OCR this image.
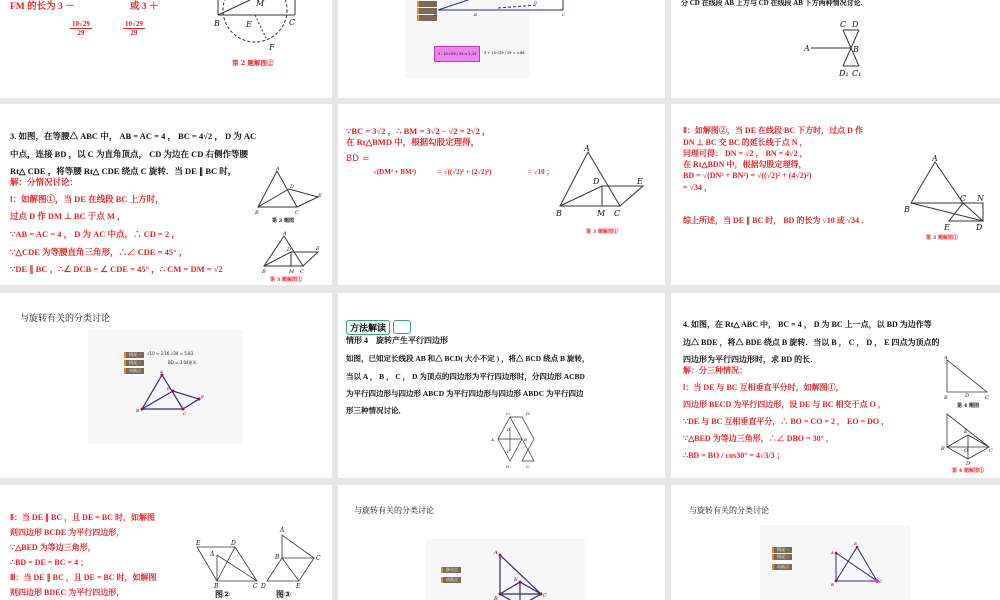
FM 的长为 3 －	或 3 ＋
$\frac{10√29}{29}$	$\frac{10√29}{29}$	B	E	C
F
M
第 2 题解图②
B	E	C
D
3 - 10·√29 / 29 ≈ 1.14	3 + 10·√29 / 29 ≈ 4.86
分 CD 在线段 AB 上方与 CD 在线段 AB 下方两种情况讨论.
A	B
C D
D₁ C₁
3. 如图，在等腰△ ABC 中， AB = AC = 4 ， BC = 4√2 ， D 为 AC
中点，连接 BD ，以 C 为直角顶点， CD 为边在 CD 右侧作等腰
Rt△ CDE ，将等腰 Rt△ CDE 绕点 C 旋转．当 DE ∥ BC 时，
解：分情况讨论：
Ⅰ：如解图①，当 DE 在线段 BC 上方时，
过点 D 作 DM ⊥ BC 于点 M ，
∵AB = AC = 4 ， D 为 AC 中点，∴ CD = 2 ，
∵△CDE 为等腰直角三角形，∴∠ CDE = 45° ，
∵DE ∥ BC ，∴∠ DCB = ∠ CDE = 45° ，∴ CM = DM = √2
A
D
E
B	C
A
D	E
B	M C
第 3 题图
第 3 题解图①
∵BC = 3√2 ，∴ BM = 3√2 − √2 = 2√2 ，
在 Rt△BMD 中，根据勾股定理得，
BD =
√(DM² + BM²)	= √((√2)² + (2√2)²)	= √10 ；
A
D	E
B	M C
第 3 题解图①
Ⅱ：如解图②，当 DE 在线段 BC 下方时，过点 D 作
DN ⊥ BC 交 BC 的延长线于点 N ，
同理可得： DN = √2 ， BN = 4√2 ，
在 Rt△BDN 中，根据勾股定理得，
BD = √(DN² + BN²) = √((√2)² + (4√2)²)
= √34 ，
综上所述，当 DE ∥ BC 时， BD 的长为 √10 或 √34 ．
A
C N
B
E	D
第 3 题解图②
与旋转有关的分类讨论
情况一
情况二
动画点
√10 ≈ 3.16 √34 ≈ 5.83
BD = 3.04厘米
A
D
E
B
C
方法解读
情形 4　旋转产生平行四边形
如图，已知定长线段 AB 和△ BCD( 大小不定 ) ，将△ BCD 绕点 B 旋转，
当以 A ， B ， C ， D 为顶点的四边形为平行四边形时，分四边形 ACBD
为平行四边形与四边形 ABCD 为平行四边形与四边形 ABDC 为平行四边
形三种情况讨论．	C₂	D₂
D
A	B
C
D₁	C₁
4. 如图，在 Rt△ ABC 中， BC = 4 ， D 为 BC 上一点，以 BD 为边作等
边△ BDE ，将△ BDE 绕点 B 旋转．当以 B ， C ， D ， E 四点为顶点的
四边形为平行四边形时，求 BD 的长．
解：分三种情况：
Ⅰ：当 DE 与 BC 互相垂直平分时，如解图①，
四边形 BECD 为平行四边形，设 DE 与 BC 相交于点 O ，
∵DE 与 BC 互相垂直平分，∴ BO = CO = 2 ， EO = DO ，
∵△BED 为等边三角形，∴∠ DBO = 30° ，
∴BD = BO / cos30° = 4√3/3 ；
A
B	D	C
E
B	O	C
D
第 4 题图
第 4 题解图①
Ⅱ：当 DE ∥ BC ，且 DE = BC 时，如解图
则四边形 BCDE 为平行四边形，
∵△BED 为等边三角形，
∴BD = DE = BC = 4 ；
Ⅲ：当 DE ∥ BC ，且 DE = BC 时，如解图
则四边形 BDEC 为平行四边形，
E	D
A
B	C
A
B	C
D	E
图②	图③
与旋转有关的分类讨论
移动点
动画点
A
E
B	C
与旋转有关的分类讨论
情况一
情况二
动画点
E
A
B
C
